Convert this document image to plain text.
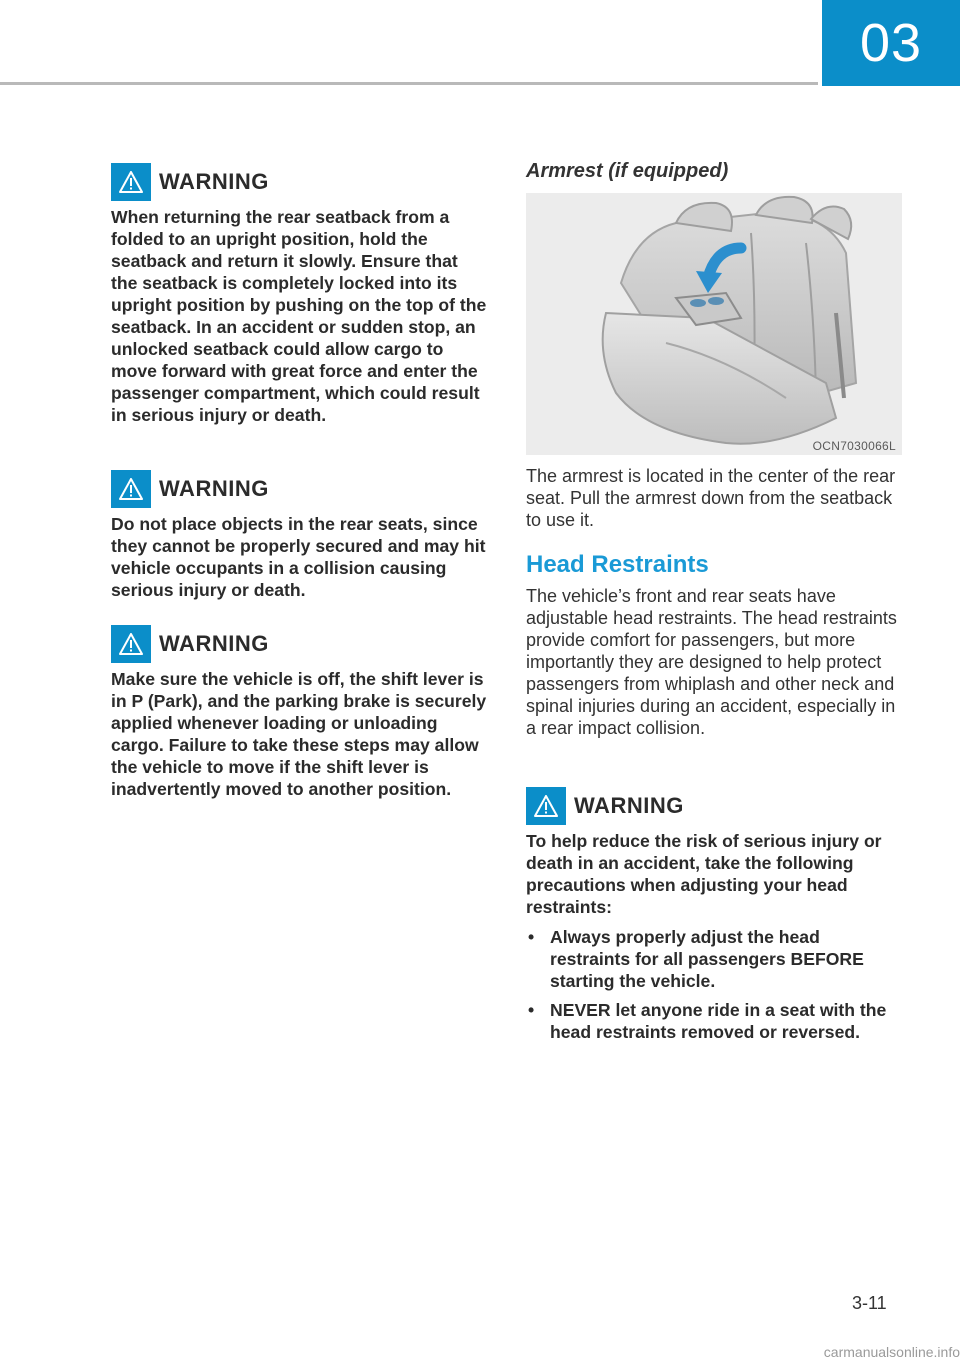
03
WARNING
When returning the rear seatback from a folded to an upright position, hold the seatback and return it slowly. Ensure that the seatback is completely locked into its upright position by pushing on the top of the seatback. In an accident or sudden stop, an unlocked seatback could allow cargo to move forward with great force and enter the passenger compartment, which could result in serious injury or death.
WARNING
Do not place objects in the rear seats, since they cannot be properly secured and may hit vehicle occupants in a collision causing serious injury or death.
WARNING
Make sure the vehicle is off, the shift lever is in P (Park), and the parking brake is securely applied whenever loading or unloading cargo. Failure to take these steps may allow the vehicle to move if the shift lever is inadvertently moved to another position.
Armrest (if equipped)
OCN7030066L
The armrest is located in the center of the rear seat. Pull the armrest down from the seatback to use it.
Head Restraints
The vehicle’s front and rear seats have adjustable head restraints. The head restraints provide comfort for passengers, but more importantly they are designed to help protect passengers from whiplash and other neck and spinal injuries during an accident, especially in a rear impact collision.
WARNING
To help reduce the risk of serious injury or death in an accident, take the following precautions when adjusting your head restraints:
• Always properly adjust the head restraints for all passengers BEFORE starting the vehicle.
• NEVER let anyone ride in a seat with the head restraints removed or reversed.
3-11
carmanualsonline.info
